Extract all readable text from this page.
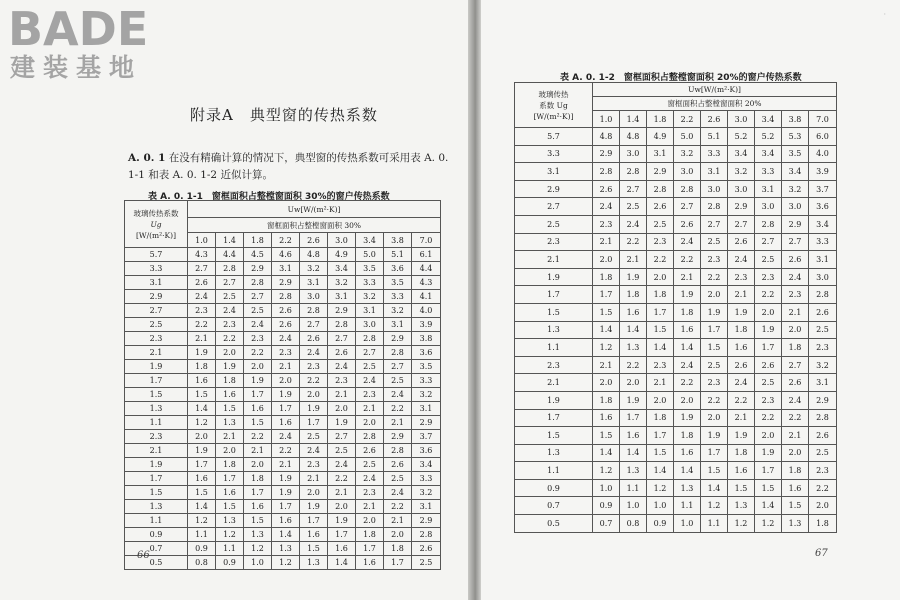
BADE
建装基地
附录A　典型窗的传热系数
A. 0. 1 在没有精确计算的情况下，典型窗的传热系数可采用表 A. 0. 1-1 和表 A. 0. 1-2 近似计算。
表 A. 0. 1-1　窗框面积占整樘窗面积 30%的窗户传热系数
玻璃传热系数
Ug
[W/(m²·K)]	Uw[W/(m²·K)]								
	窗框面积占整樘窗面积 30%								
	1.0	1.4	1.8	2.2	2.6	3.0	3.4	3.8	7.0
5.7	4.3	4.4	4.5	4.6	4.8	4.9	5.0	5.1	6.1
3.3	2.7	2.8	2.9	3.1	3.2	3.4	3.5	3.6	4.4
3.1	2.6	2.7	2.8	2.9	3.1	3.2	3.3	3.5	4.3
2.9	2.4	2.5	2.7	2.8	3.0	3.1	3.2	3.3	4.1
2.7	2.3	2.4	2.5	2.6	2.8	2.9	3.1	3.2	4.0
2.5	2.2	2.3	2.4	2.6	2.7	2.8	3.0	3.1	3.9
2.3	2.1	2.2	2.3	2.4	2.6	2.7	2.8	2.9	3.8
2.1	1.9	2.0	2.2	2.3	2.4	2.6	2.7	2.8	3.6
1.9	1.8	1.9	2.0	2.1	2.3	2.4	2.5	2.7	3.5
1.7	1.6	1.8	1.9	2.0	2.2	2.3	2.4	2.5	3.3
1.5	1.5	1.6	1.7	1.9	2.0	2.1	2.3	2.4	3.2
1.3	1.4	1.5	1.6	1.7	1.9	2.0	2.1	2.2	3.1
1.1	1.2	1.3	1.5	1.6	1.7	1.9	2.0	2.1	2.9
2.3	2.0	2.1	2.2	2.4	2.5	2.7	2.8	2.9	3.7
2.1	1.9	2.0	2.1	2.2	2.4	2.5	2.6	2.8	3.6
1.9	1.7	1.8	2.0	2.1	2.3	2.4	2.5	2.6	3.4
1.7	1.6	1.7	1.8	1.9	2.1	2.2	2.4	2.5	3.3
1.5	1.5	1.6	1.7	1.9	2.0	2.1	2.3	2.4	3.2
1.3	1.4	1.5	1.6	1.7	1.9	2.0	2.1	2.2	3.1
1.1	1.2	1.3	1.5	1.6	1.7	1.9	2.0	2.1	2.9
0.9	1.1	1.2	1.3	1.4	1.6	1.7	1.8	2.0	2.8
0.7	0.9	1.1	1.2	1.3	1.5	1.6	1.7	1.8	2.6
0.5	0.8	0.9	1.0	1.2	1.3	1.4	1.6	1.7	2.5
66
·
表 A. 0. 1-2　窗框面积占整樘窗面积 20%的窗户传热系数
玻璃传热
系数 Ug
[W/(m²·K)]	Uw[W/(m²·K)]								
	窗框面积占整樘窗面积 20%								
	1.0	1.4	1.8	2.2	2.6	3.0	3.4	3.8	7.0
5.7	4.8	4.8	4.9	5.0	5.1	5.2	5.2	5.3	6.0
3.3	2.9	3.0	3.1	3.2	3.3	3.4	3.4	3.5	4.0
3.1	2.8	2.8	2.9	3.0	3.1	3.2	3.3	3.4	3.9
2.9	2.6	2.7	2.8	2.8	3.0	3.0	3.1	3.2	3.7
2.7	2.4	2.5	2.6	2.7	2.8	2.9	3.0	3.0	3.6
2.5	2.3	2.4	2.5	2.6	2.7	2.7	2.8	2.9	3.4
2.3	2.1	2.2	2.3	2.4	2.5	2.6	2.7	2.7	3.3
2.1	2.0	2.1	2.2	2.2	2.3	2.4	2.5	2.6	3.1
1.9	1.8	1.9	2.0	2.1	2.2	2.3	2.3	2.4	3.0
1.7	1.7	1.8	1.8	1.9	2.0	2.1	2.2	2.3	2.8
1.5	1.5	1.6	1.7	1.8	1.9	1.9	2.0	2.1	2.6
1.3	1.4	1.4	1.5	1.6	1.7	1.8	1.9	2.0	2.5
1.1	1.2	1.3	1.4	1.4	1.5	1.6	1.7	1.8	2.3
2.3	2.1	2.2	2.3	2.4	2.5	2.6	2.6	2.7	3.2
2.1	2.0	2.0	2.1	2.2	2.3	2.4	2.5	2.6	3.1
1.9	1.8	1.9	2.0	2.0	2.2	2.2	2.3	2.4	2.9
1.7	1.6	1.7	1.8	1.9	2.0	2.1	2.2	2.2	2.8
1.5	1.5	1.6	1.7	1.8	1.9	1.9	2.0	2.1	2.6
1.3	1.4	1.4	1.5	1.6	1.7	1.8	1.9	2.0	2.5
1.1	1.2	1.3	1.4	1.4	1.5	1.6	1.7	1.8	2.3
0.9	1.0	1.1	1.2	1.3	1.4	1.5	1.5	1.6	2.2
0.7	0.9	1.0	1.0	1.1	1.2	1.3	1.4	1.5	2.0
0.5	0.7	0.8	0.9	1.0	1.1	1.2	1.2	1.3	1.8
67
